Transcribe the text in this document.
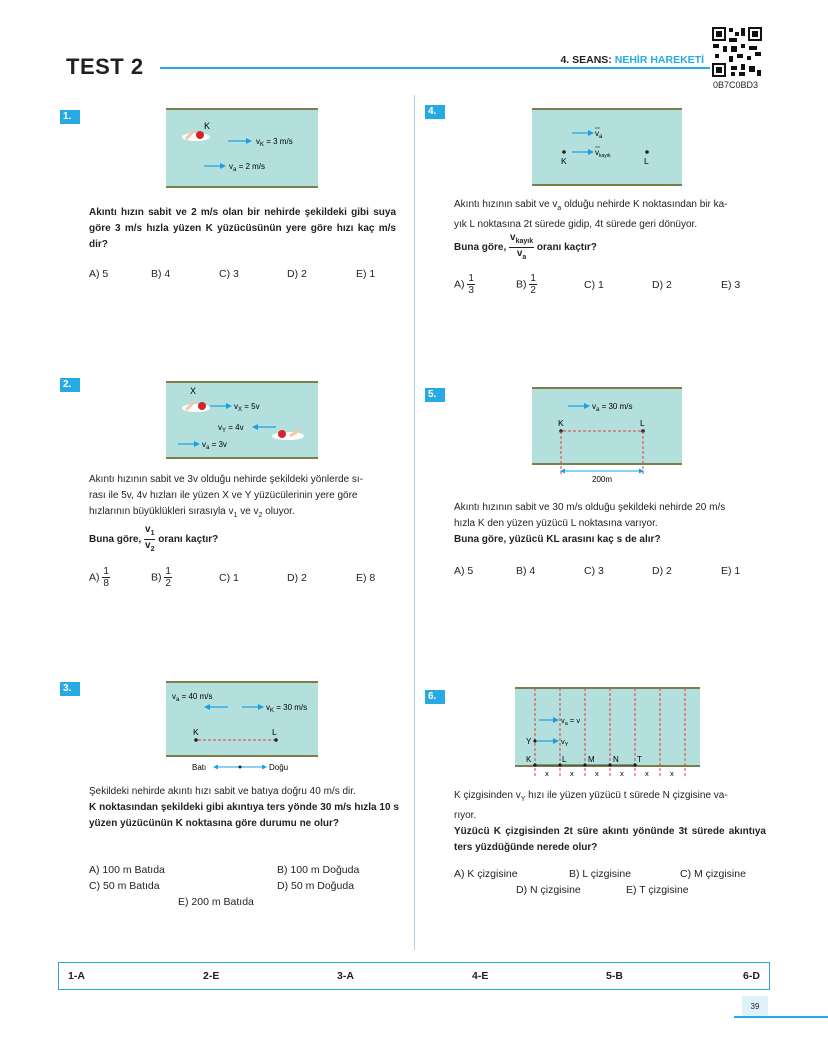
TEST 2	4. SEANS: NEHİR HAREKETİ
0B7C0BD3
1.
K
$v_K = 3$ m/s
$v_a = 2$ m/s
Akıntı hızın sabit ve 2 m/s olan bir nehirde şekildeki gibi suya göre 3 m/s hızla yüzen K yüzücüsünün yere göre hızı kaç m/s dir?
A) 5	B) 4	C) 3	D) 2	E) 1
2.
X
$v_X = 5v$
$v_Y = 4v$
$v_a = 3v$
Akıntı hızının sabit ve 3v olduğu nehirde şekildeki yönlerde sı-
rası ile 5v, 4v hızları ile yüzen X ve Y yüzücülerinin yere göre
hızlarının büyüklükleri sırasıyla $v_1$ ve $v_2$ oluyor.
Buna göre, $\frac{v_1}{v_2}$ oranı kaçtır?
$A) \frac{1}{8}$	$B) \frac{1}{2}$	C) 1	D) 2	E) 8
3.
$v_a = 40$ m/s
$v_K = 30$ m/s
K	L
Batı	Doğu
Şekildeki nehirde akıntı hızı sabit ve batıya doğru 40 m/s dir.
K noktasından şekildeki gibi akıntıya ters yönde 30 m/s hızla 10 s yüzen yüzücünün K noktasına göre durumu ne olur?
A) 100 m Batıda	B) 100 m Doğuda
C) 50 m Batıda	D) 50 m Doğuda
E) 200 m Batıda
4.
$v_a$
$v_{kayık}$
K	L
Akıntı hızının sabit ve $v_a$ olduğu nehirde K noktasından bir ka-
yık L noktasına 2t sürede gidip, 4t sürede geri dönüyor.
Buna göre, $\frac{v_{kayık}}{v_a}$ oranı kaçtır?
$A) \frac{1}{3}$	$B) \frac{1}{2}$	C) 1	D) 2	E) 3
5.
$v_a = 30$ m/s
K	L
200m
Akıntı hızının sabit ve 30 m/s olduğu şekildeki nehirde 20 m/s
hızla K den yüzen yüzücü L noktasına varıyor.
Buna göre, yüzücü KL arasını kaç s de alır?
A) 5	B) 4	C) 3	D) 2	E) 1
6.
$v_a = v$
Y	$v_Y$
K	L	M N T
x	x	x	x	x	x
K çizgisinden $v_Y$ hızı ile yüzen yüzücü t sürede N çizgisine va-
rıyor.
Yüzücü K çizgisinden 2t süre akıntı yönünde 3t sürede akıntıya ters yüzdüğünde nerede olur?
A) K çizgisine	B) L çizgisine	C) M çizgisine
D) N çizgisine	E) T çizgisine
1-A	2-E	3-A	4-E	5-B	6-D
39
